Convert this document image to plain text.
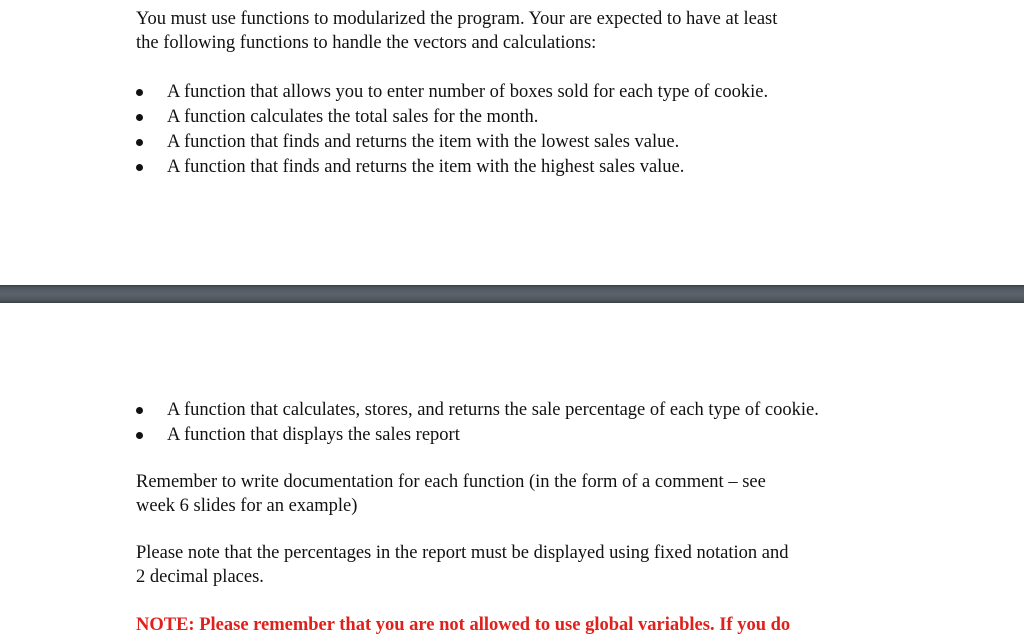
You must use functions to modularized the program. Your are expected to have at least

the following functions to handle the vectors and calculations:

A function that allows you to enter number of boxes sold for each type of cookie.
A function calculates the total sales for the month.
A function that finds and returns the item with the lowest sales value.
A function that finds and returns the item with the highest sales value.
A function that calculates, stores, and returns the sale percentage of each type of cookie.
A function that displays the sales report

Remember to write documentation for each function (in the form of a comment – see

week 6 slides for an example)

Please note that the percentages in the report must be displayed using fixed notation and

2 decimal places.

NOTE: Please remember that you are not allowed to use global variables. If you do
